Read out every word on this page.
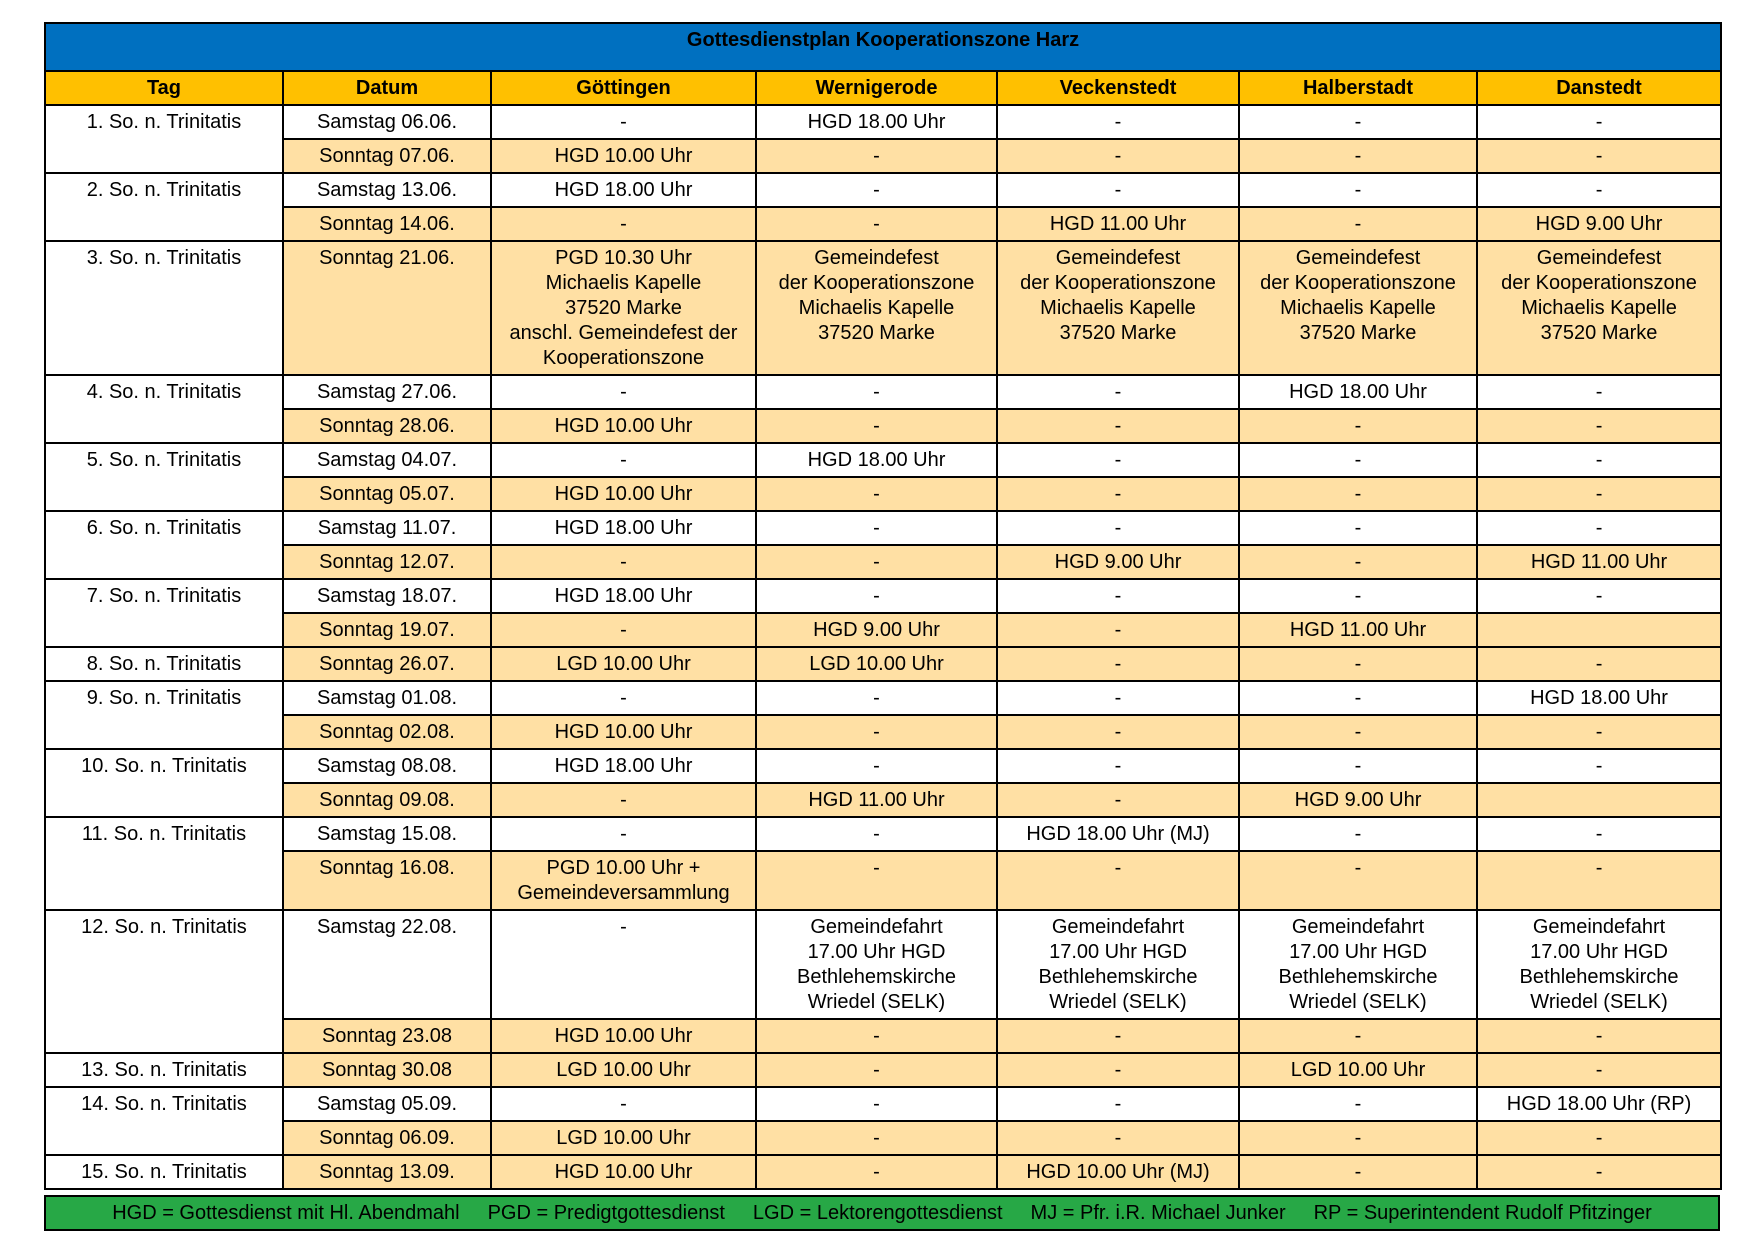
Gottesdienstplan Kooperationszone Harz						
Tag	Datum	Göttingen	Wernigerode	Veckenstedt	Halberstadt	Danstedt
1. So. n. Trinitatis	Samstag 06.06.	-	HGD 18.00 Uhr	-	-	-
	Sonntag 07.06.	HGD 10.00 Uhr	-	-	-	-
2. So. n. Trinitatis	Samstag 13.06.	HGD 18.00 Uhr	-	-	-	-
	Sonntag 14.06.	-	-	HGD 11.00 Uhr	-	HGD 9.00 Uhr
3. So. n. Trinitatis	Sonntag 21.06.	PGD 10.30 Uhr
Michaelis Kapelle
37520 Marke
anschl. Gemeindefest der Kooperationszone	Gemeindefest
der Kooperationszone
Michaelis Kapelle
37520 Marke	Gemeindefest
der Kooperationszone
Michaelis Kapelle
37520 Marke	Gemeindefest
der Kooperationszone
Michaelis Kapelle
37520 Marke	Gemeindefest
der Kooperationszone
Michaelis Kapelle
37520 Marke
4. So. n. Trinitatis	Samstag 27.06.	-	-	-	HGD 18.00 Uhr	-
	Sonntag 28.06.	HGD 10.00 Uhr	-	-	-	-
5. So. n. Trinitatis	Samstag 04.07.	-	HGD 18.00 Uhr	-	-	-
	Sonntag 05.07.	HGD 10.00 Uhr	-	-	-	-
6. So. n. Trinitatis	Samstag 11.07.	HGD 18.00 Uhr	-	-	-	-
	Sonntag 12.07.	-	-	HGD 9.00 Uhr	-	HGD 11.00 Uhr
7. So. n. Trinitatis	Samstag 18.07.	HGD 18.00 Uhr	-	-	-	-
	Sonntag 19.07.	-	HGD 9.00 Uhr	-	HGD 11.00 Uhr	
8. So. n. Trinitatis	Sonntag 26.07.	LGD 10.00 Uhr	LGD 10.00 Uhr	-	-	-
9. So. n. Trinitatis	Samstag 01.08.	-	-	-	-	HGD 18.00 Uhr
	Sonntag 02.08.	HGD 10.00 Uhr	-	-	-	-
10. So. n. Trinitatis	Samstag 08.08.	HGD 18.00 Uhr	-	-	-	-
	Sonntag 09.08.	-	HGD 11.00 Uhr	-	HGD 9.00 Uhr	
11. So. n. Trinitatis	Samstag 15.08.	-	-	HGD 18.00 Uhr (MJ)	-	-
	Sonntag 16.08.	PGD 10.00 Uhr +
Gemeindeversammlung	-	-	-	-
12. So. n. Trinitatis	Samstag 22.08.	-	Gemeindefahrt
17.00 Uhr HGD
Bethlehemskirche
Wriedel (SELK)	Gemeindefahrt
17.00 Uhr HGD
Bethlehemskirche
Wriedel (SELK)	Gemeindefahrt
17.00 Uhr HGD
Bethlehemskirche
Wriedel (SELK)	Gemeindefahrt
17.00 Uhr HGD
Bethlehemskirche
Wriedel (SELK)
	Sonntag 23.08	HGD 10.00 Uhr	-	-	-	-
13. So. n. Trinitatis	Sonntag 30.08	LGD 10.00 Uhr	-	-	LGD 10.00 Uhr	-
14. So. n. Trinitatis	Samstag 05.09.	-	-	-	-	HGD 18.00 Uhr (RP)
	Sonntag 06.09.	LGD 10.00 Uhr	-	-	-	-
15. So. n. Trinitatis	Sonntag 13.09.	HGD 10.00 Uhr	-	HGD 10.00 Uhr (MJ)	-	-
HGD = Gottesdienst mit Hl. Abendmahl PGD = Predigtgottesdienst LGD = Lektorengottesdienst MJ = Pfr. i.R. Michael Junker RP = Superintendent Rudolf Pfitzinger
